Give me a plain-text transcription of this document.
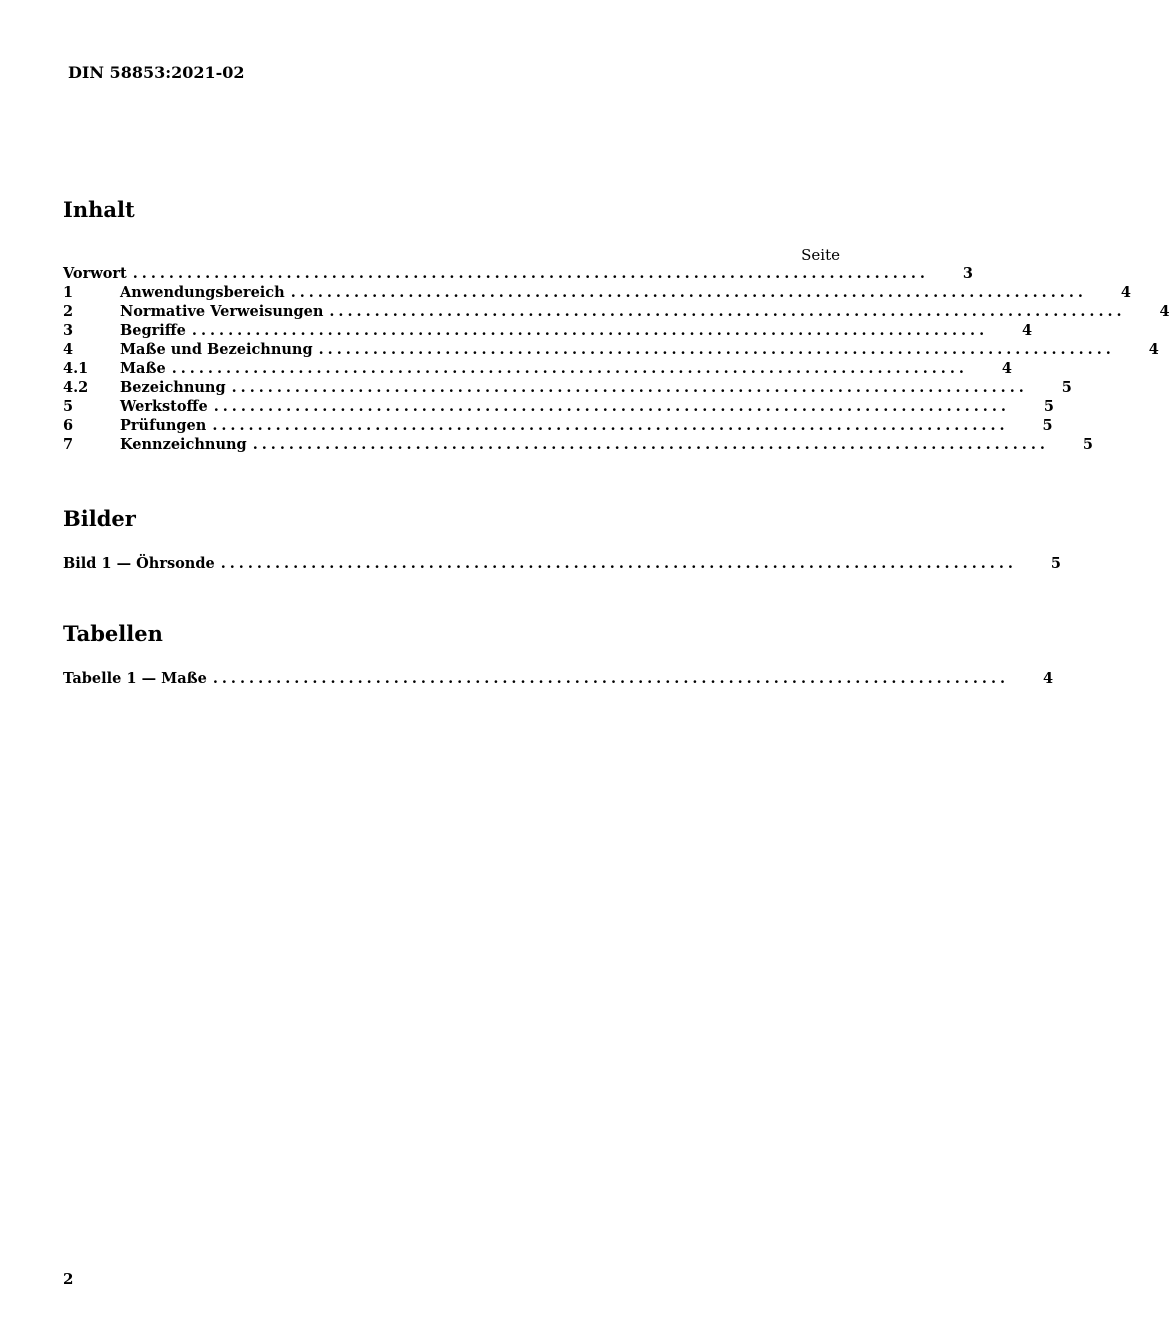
DIN 58853:2021-02
Inhalt
Seite
Vorwort ........................................................................................	3
1	Anwendungsbereich ........................................................................................	4
2	Normative Verweisungen ........................................................................................	4
3	Begriffe ........................................................................................	4
4	Maße und Bezeichnung ........................................................................................	4
4.1	Maße ........................................................................................	4
4.2	Bezeichnung ........................................................................................	5
5	Werkstoffe ........................................................................................	5
6	Prüfungen ........................................................................................	5
7	Kennzeichnung ........................................................................................	5
Bilder
Bild 1 — Öhrsonde ........................................................................................	5
Tabellen
Tabelle 1 — Maße ........................................................................................	4
2
